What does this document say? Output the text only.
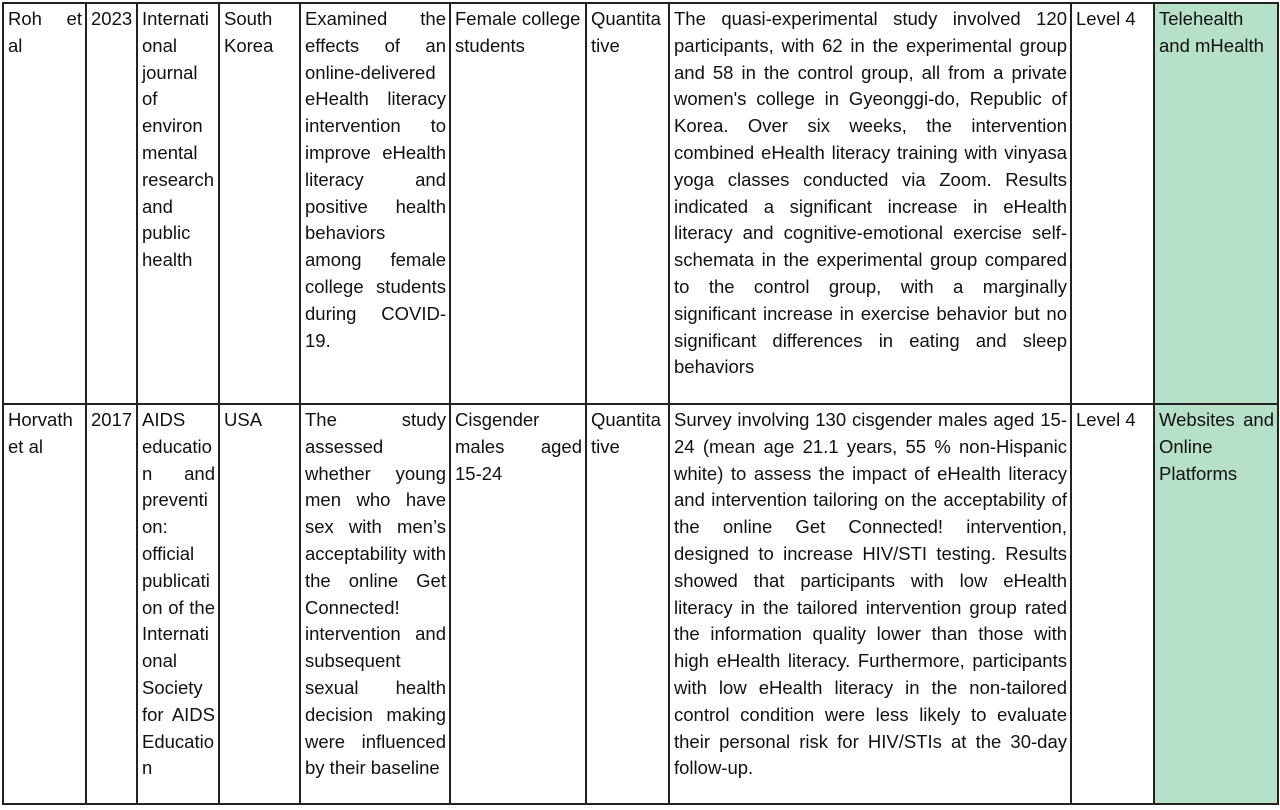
Roh et al	2023	International journal of environmental research and public health	South Korea	Examined the effects of an online-delivered eHealth literacy intervention to improve eHealth literacy and positive health behaviors among female college students during COVID-19.	Female college students	Quantitative	The quasi-experimental study involved 120 participants, with 62 in the experimental group and 58 in the control group, all from a private women's college in Gyeonggi-do, Republic of Korea. Over six weeks, the intervention combined eHealth literacy training with vinyasa yoga classes conducted via Zoom. Results indicated a significant increase in eHealth literacy and cognitive-emotional exercise self-schemata in the experimental group compared to the control group, with a marginally significant increase in exercise behavior but no significant differences in eating and sleep behaviors	Level 4	Telehealth and mHealth
Horvath et al	2017	AIDS education and prevention: official publication of the International Society for AIDS Education	USA	The study assessed whether young men who have sex with men’s acceptability with the online Get Connected! intervention and subsequent sexual health decision making were influenced by their baseline	Cisgender males aged 15-24	Quantitative	Survey involving 130 cisgender males aged 15-24 (mean age 21.1 years, 55 % non-Hispanic white) to assess the impact of eHealth literacy and intervention tailoring on the acceptability of the online Get Connected! intervention, designed to increase HIV/STI testing. Results showed that participants with low eHealth literacy in the tailored intervention group rated the information quality lower than those with high eHealth literacy. Furthermore, participants with low eHealth literacy in the non-tailored control condition were less likely to evaluate their personal risk for HIV/STIs at the 30-day follow-up.	Level 4	Websites and Online Platforms
